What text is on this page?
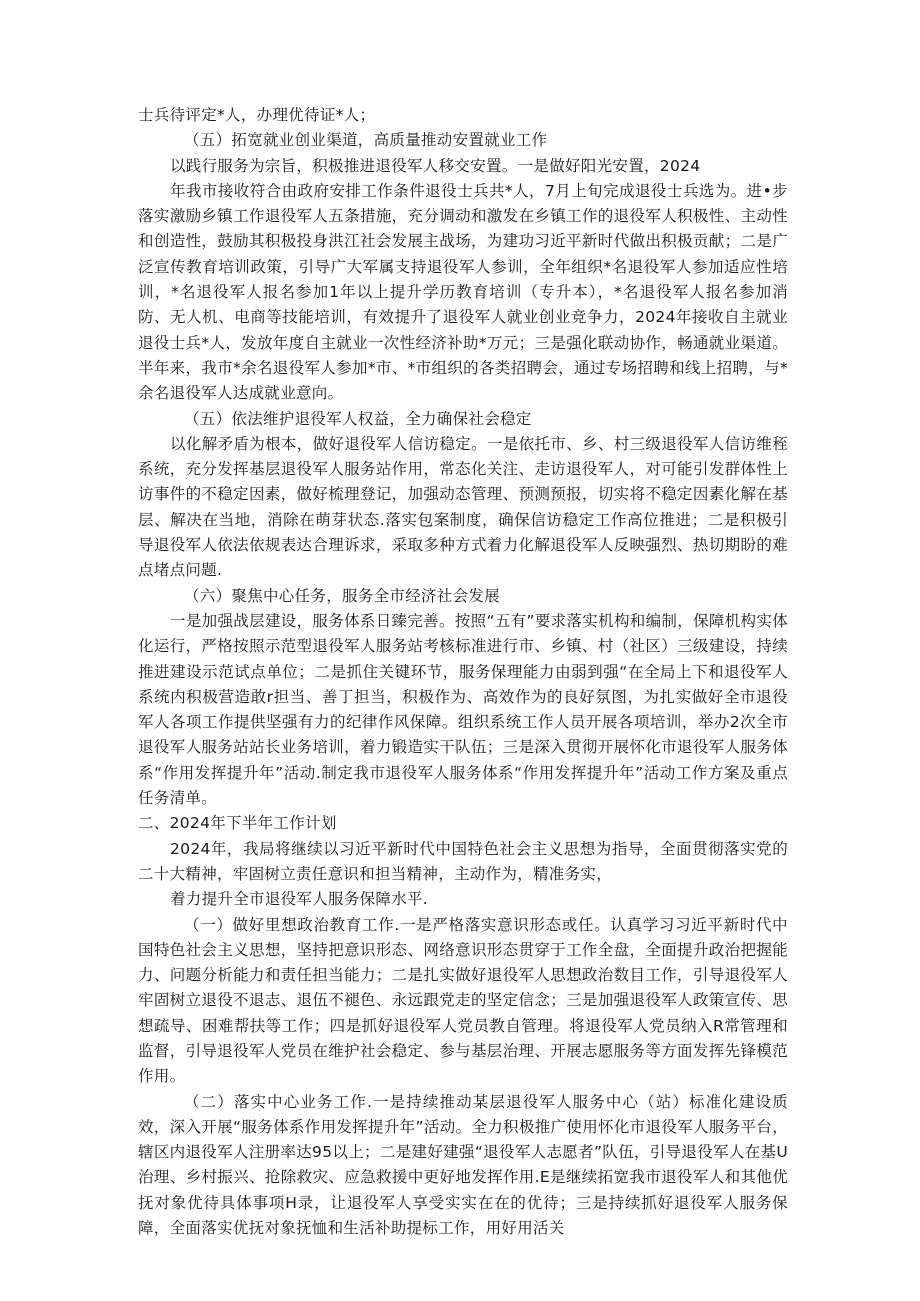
士兵待评定*人，办理优待证*人；

（五）拓宽就业创业渠道，高质量推动安置就业工作

以践行服务为宗旨，积极推进退役军人移交安置。一是做好阳光安置，2024

年我市接收符合由政府安排工作条件退役士兵共*人，7月上旬完成退役士兵选为。进•步落实激励乡镇工作退役军人五条措施，充分调动和激发在乡镇工作的退役军人积极性、主动性和创造性，鼓励其积极投身洪江社会发展主战场，为建功习近平新时代做出积极贡献；二是广泛宣传教育培训政策，引导广大军属支持退役军人参训，全年组织*名退役军人参加适应性培训，*名退役军人报名参加1年以上提升学历教育培训（专升本），*名退役军人报名参加消防、无人机、电商等技能培训，有效提升了退役军人就业创业竞争力，2024年接收自主就业退役士兵*人，发放年度自主就业一次性经济补助*万元；三是强化联动协作，畅通就业渠道。半年来，我市*余名退役军人参加*市、*市组织的各类招聘会，通过专场招聘和线上招聘，与*余名退役军人达成就业意向。

（五）依法维护退役军人权益，全力确保社会稳定

以化解矛盾为根本，做好退役军人信访稳定。一是依托市、乡、村三级退役军人信访维秷系统，充分发挥基层退役军人服务站作用，常态化关注、走访退役军人，对可能引发群体性上访事件的不稳定因素，做好梳理登记，加强动态管理、预测预报，切实将不稳定因素化解在基层、解决在当地，消除在萌芽状态.落实包案制度，确保信访稳定工作高位推进；二是积极引导退役军人依法依规表达合理诉求，采取多种方式着力化解退役军人反映强烈、热切期盼的难点堵点问题.

（六）聚焦中心任务，服务全市经济社会发展

一是加强战层建设，服务体系日臻完善。按照“五有”要求落实机构和编制，保障机构实体化运行，严格按照示范型退役军人服务站考核标准进行市、乡镇、村（社区）三级建设，持续推进建设示范试点单位；二是抓住关键环节，服务保理能力由弱到强“在全局上下和退役军人系统内积极营造敢r担当、善丁担当，积极作为、高效作为的良好氛图，为扎实做好全市退役军人各项工作提供坚强有力的纪律作风保障。组织系统工作人员开展各项培训，举办2次全市退役军人服务站站长业务培训，着力锻造实干队伍；三是深入贯彻开展怀化市退役军人服务体系“作用发挥提升年”活动.制定我市退役军人服务体系“作用发挥提升年”活动工作方案及重点任务清单。

二、2024年下半年工作计划

2024年，我局将继续以习近平新时代中国特色社会主义思想为指导，全面贯彻落实党的二十大精神，牢固树立责任意识和担当精神，主动作为，精准务实，

着力提升全市退役军人服务保障水平.

（一）做好里想政治教育工作.一是严格落实意识形态或任。认真学习习近平新时代中国特色社会主义思想，坚持把意识形态、网络意识形态贯穿于工作全盘，全面提升政治把握能力、问题分析能力和责任担当能力；二是扎实做好退役军人思想政治数目工作，引导退役军人牢固树立退役不退志、退伍不褪色、永远跟党走的坚定信念；三是加强退役军人政策宣传、思想疏导、困难帮扶等工作；四是抓好退役军人党员教自管理。将退役军人党员纳入R常管理和监督，引导退役军人党员在维护社会稳定、参与基层治理、开展志愿服务等方面发挥先锋模范作用。

（二）落实中心业务工作.一是持续推动某层退役军人服务中心（站）标准化建设质效，深入开展“服务体系作用发挥提升年”活动。全力积极推广使用怀化市退役军人服务平台，辖区内退役军人注册率达95以上；二是建好建强“退役军人志愿者”队伍，引导退役军人在基U治理、乡村振兴、抢除救灾、应急救援中更好地发挥作用.E是继续拓宽我市退役军人和其他优抚对象优待具体事项H录，让退役军人享受实实在在的优待；三是持续抓好退役军人服务保障，全面落实优抚对象抚恤和生活补助提标工作，用好用活关
